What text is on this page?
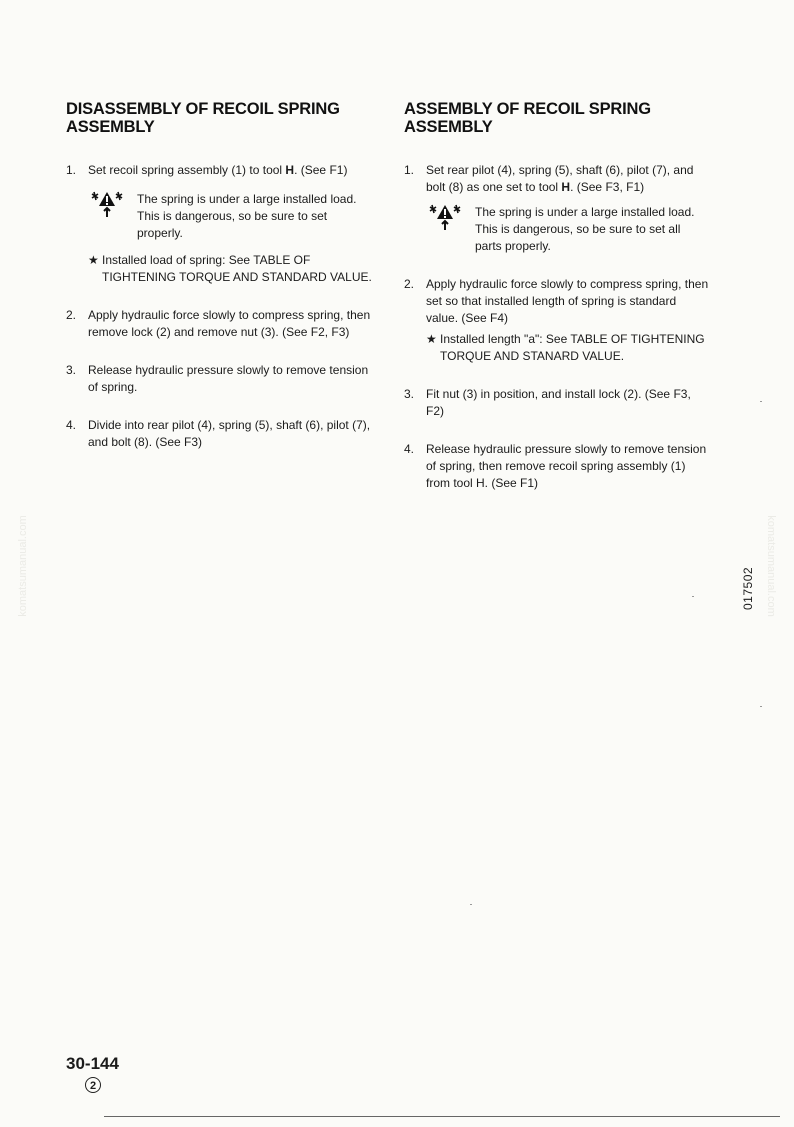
DISASSEMBLY OF RECOIL SPRING
ASSEMBLY
1. Set recoil spring assembly (1) to tool H. (See F1)
The spring is under a large installed load. This is dangerous, so be sure to set properly.
★ Installed load of spring: See TABLE OF TIGHTENING TORQUE AND STANDARD VALUE.
2. Apply hydraulic force slowly to compress spring, then remove lock (2) and remove nut (3). (See F2, F3)
3. Release hydraulic pressure slowly to remove tension of spring.
4. Divide into rear pilot (4), spring (5), shaft (6), pilot (7), and bolt (8). (See F3)
ASSEMBLY OF RECOIL SPRING
ASSEMBLY
1. Set rear pilot (4), spring (5), shaft (6), pilot (7), and bolt (8) as one set to tool H. (See F3, F1)
The spring is under a large installed load. This is dangerous, so be sure to set all parts properly.
2. Apply hydraulic force slowly to compress spring, then set so that installed length of spring is standard value. (See F4)
★ Installed length "a": See TABLE OF TIGHTENING TORQUE AND STANARD VALUE.
3. Fit nut (3) in position, and install lock (2). (See F3, F2)
4. Release hydraulic pressure slowly to remove tension of spring, then remove recoil spring assembly (1) from tool H. (See F1)
017502
komatsumanual.com	komatsumanual.com
30-144
2
